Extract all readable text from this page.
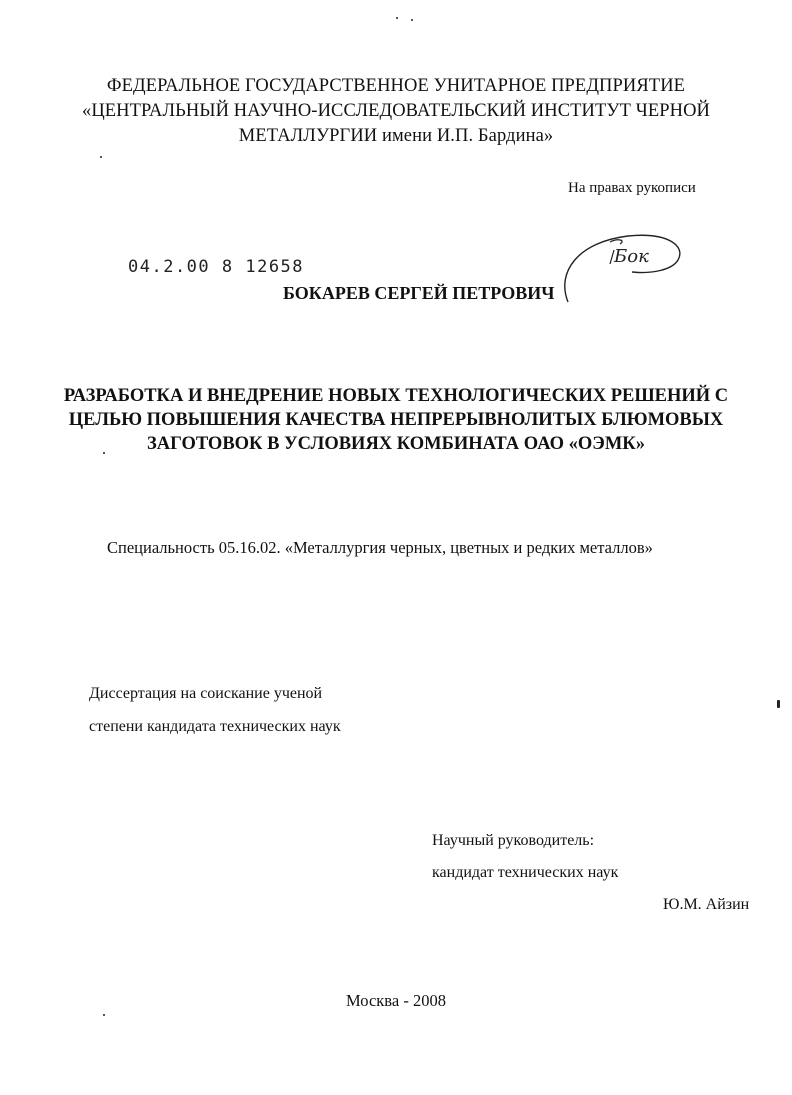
ФЕДЕРАЛЬНОЕ ГОСУДАРСТВЕННОЕ УНИТАРНОЕ ПРЕДПРИЯТИЕ
«ЦЕНТРАЛЬНЫЙ НАУЧНО-ИССЛЕДОВАТЕЛЬСКИЙ ИНСТИТУТ ЧЕРНОЙ
МЕТАЛЛУРГИИ имени И.П. Бардина»
На правах рукописи
04.2.00 8 12658	Бок
БОКАРЕВ СЕРГЕЙ ПЕТРОВИЧ
РАЗРАБОТКА И ВНЕДРЕНИЕ НОВЫХ ТЕХНОЛОГИЧЕСКИХ РЕШЕНИЙ С
ЦЕЛЬЮ ПОВЫШЕНИЯ КАЧЕСТВА НЕПРЕРЫВНОЛИТЫХ БЛЮМОВЫХ
ЗАГОТОВОК В УСЛОВИЯХ КОМБИНАТА ОАО «ОЭМК»
Специальность 05.16.02. «Металлургия черных, цветных и редких металлов»
Диссертация на соискание ученой
степени кандидата технических наук
Научный руководитель:
кандидат технических наук
Ю.М. Айзин
Москва - 2008
